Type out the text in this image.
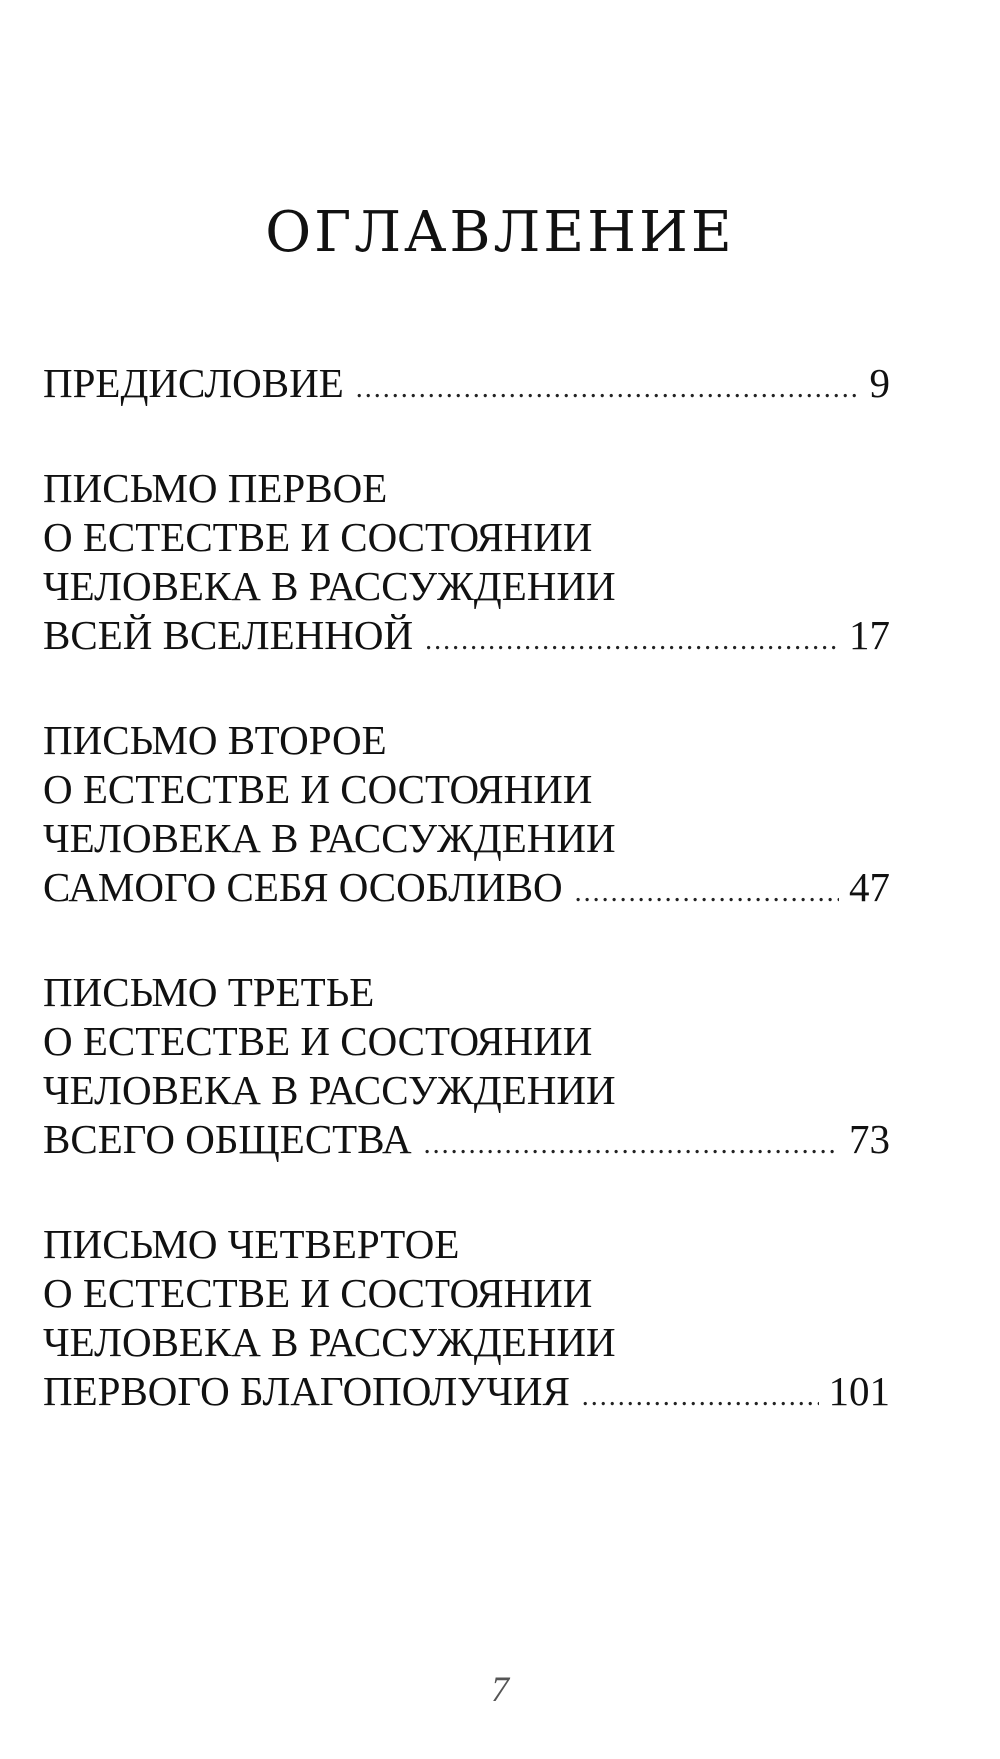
ОГЛАВЛЕНИЕ
ПРЕДИСЛОВИЕ .....	9
ПИСЬМО ПЕРВОЕ
О ЕСТЕСТВЕ И СОСТОЯНИИ
ЧЕЛОВЕКА В РАССУЖДЕНИИ
ВСЕЙ ВСЕЛЕННОЙ .....	17
ПИСЬМО ВТОРОЕ
О ЕСТЕСТВЕ И СОСТОЯНИИ
ЧЕЛОВЕКА В РАССУЖДЕНИИ
САМОГО СЕБЯ ОСОБЛИВО .....	47
ПИСЬМО ТРЕТЬЕ
О ЕСТЕСТВЕ И СОСТОЯНИИ
ЧЕЛОВЕКА В РАССУЖДЕНИИ
ВСЕГО ОБЩЕСТВА .....	73
ПИСЬМО ЧЕТВЕРТОЕ
О ЕСТЕСТВЕ И СОСТОЯНИИ
ЧЕЛОВЕКА В РАССУЖДЕНИИ
ПЕРВОГО БЛАГОПОЛУЧИЯ .....	101
7
